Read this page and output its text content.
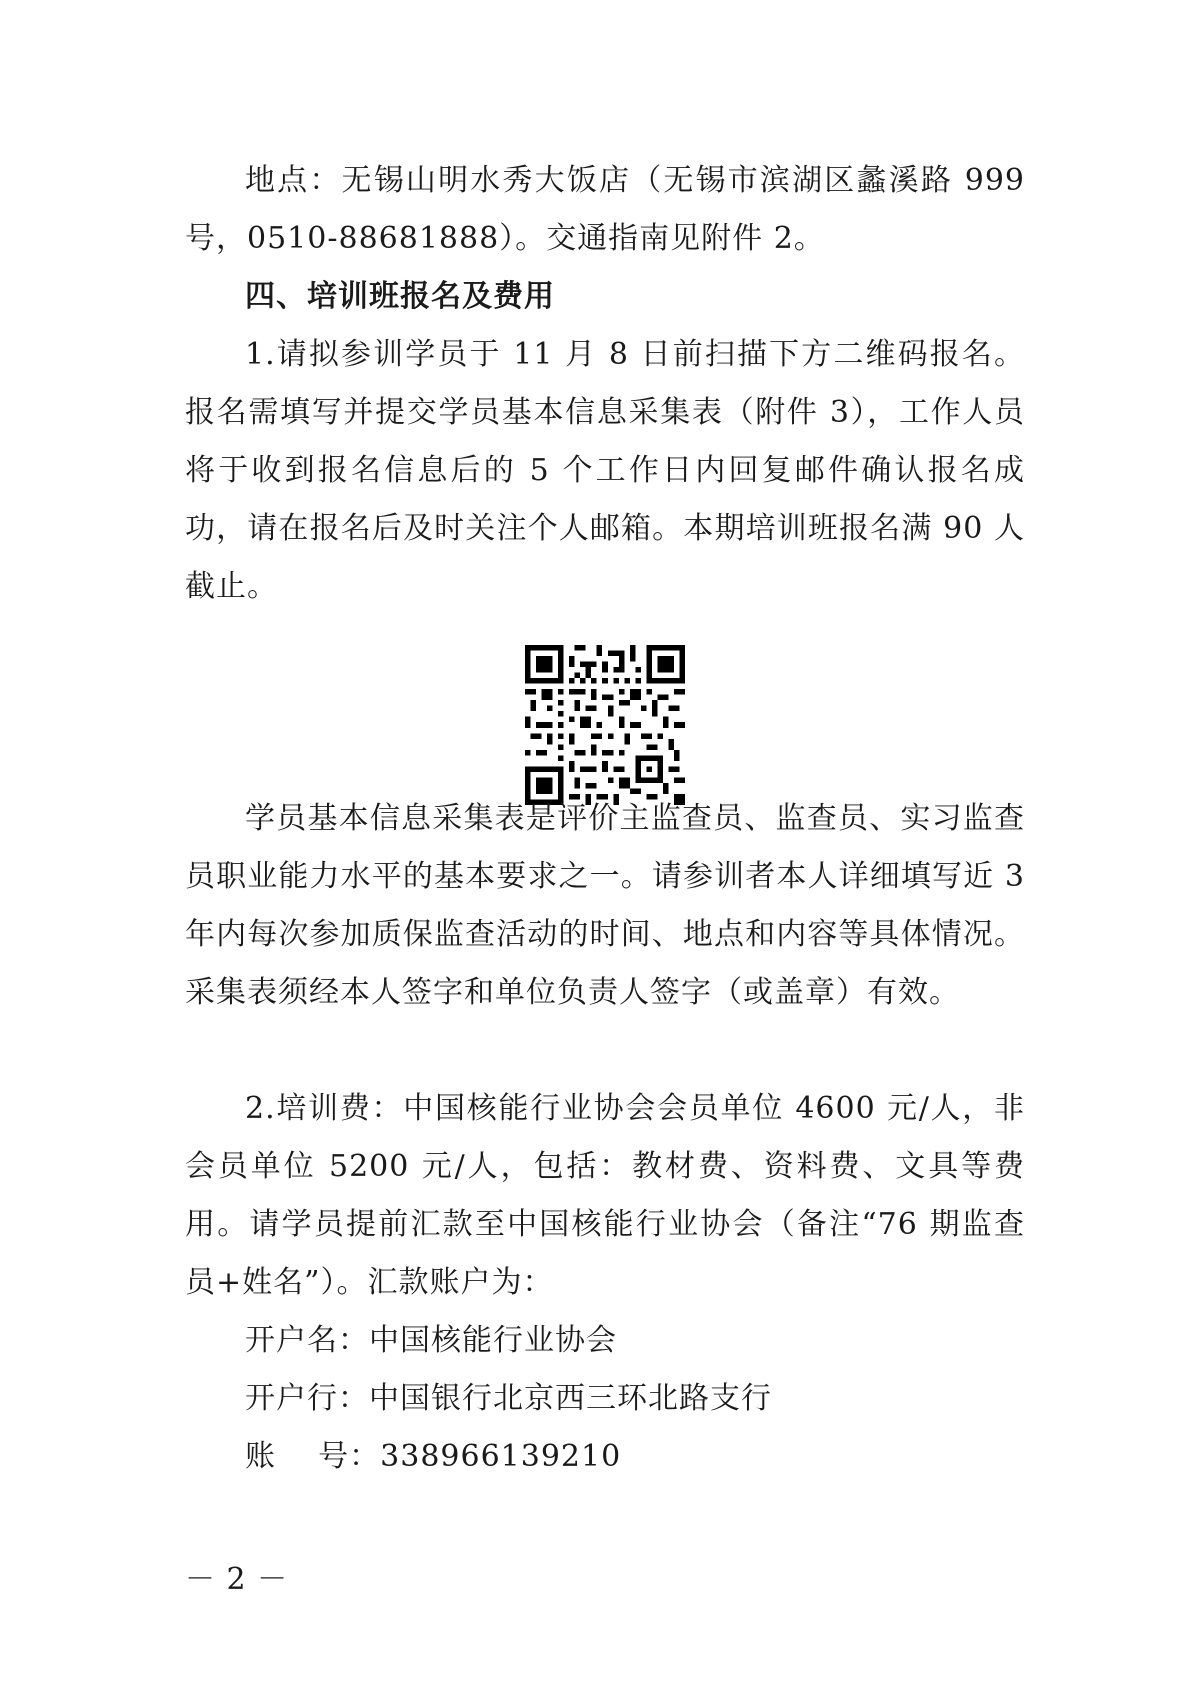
地点：无锡山明水秀大饭店（无锡市滨湖区蠡溪路 999 号，0510-88681888）。交通指南见附件 2。

四、培训班报名及费用

1.请拟参训学员于 11 月 8 日前扫描下方二维码报名。报名需填写并提交学员基本信息采集表（附件 3），工作人员将于收到报名信息后的 5 个工作日内回复邮件确认报名成功，请在报名后及时关注个人邮箱。本期培训班报名满 90 人截止。

学员基本信息采集表是评价主监查员、监查员、实习监查员职业能力水平的基本要求之一。请参训者本人详细填写近 3 年内每次参加质保监查活动的时间、地点和内容等具体情况。采集表须经本人签字和单位负责人签字（或盖章）有效。

2.培训费：中国核能行业协会会员单位 4600 元/人，非会员单位 5200 元/人，包括：教材费、资料费、文具等费用。请学员提前汇款至中国核能行业协会（备注“76 期监查员+姓名”）。汇款账户为：

开户名：中国核能行业协会

开户行：中国银行北京西三环北路支行

账    号：338966139210

－ 2 －
